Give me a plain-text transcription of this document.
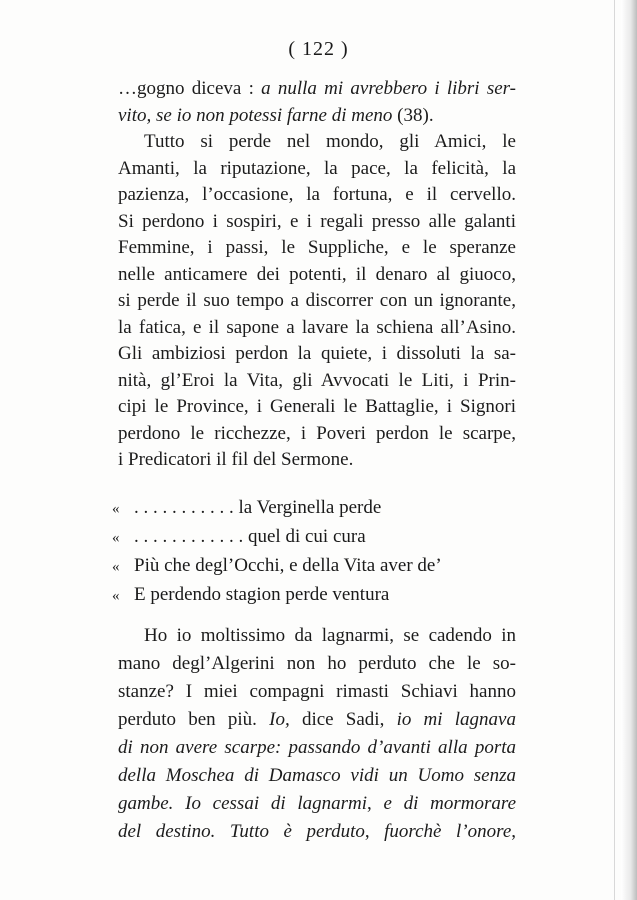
( 122 )
…gogno diceva : a nulla mi avrebbero i libri ser-
vito, se io non potessi farne di meno (38).
Tutto si perde nel mondo, gli Amici, le
Amanti, la riputazione, la pace, la felicità, la
pazienza, l’occasione, la fortuna, e il cervello.
Si perdono i sospiri, e i regali presso alle galanti
Femmine, i passi, le Suppliche, e le speranze
nelle anticamere dei potenti, il denaro al giuoco,
si perde il suo tempo a discorrer con un ignorante,
la fatica, e il sapone a lavare la schiena all’Asino.
Gli ambiziosi perdon la quiete, i dissoluti la sa-
nità, gl’Eroi la Vita, gli Avvocati le Liti, i Prin-
cipi le Province, i Generali le Battaglie, i Signori
perdono le ricchezze, i Poveri perdon le scarpe,
i Predicatori il fil del Sermone.
« . . . . . . . . . . . la Verginella perde
« . . . . . . . . . . . . quel di cui cura
« Più che degl’Occhi, e della Vita aver de’
« E perdendo stagion perde ventura
Ho io moltissimo da lagnarmi, se cadendo in
mano degl’Algerini non ho perduto che le so-
stanze? I miei compagni rimasti Schiavi hanno
perduto ben più. Io, dice Sadi, io mi lagnava
di non avere scarpe: passando d’avanti alla porta
della Moschea di Damasco vidi un Uomo senza
gambe. Io cessai di lagnarmi, e di mormorare
del destino. Tutto è perduto, fuorchè l’onore,
